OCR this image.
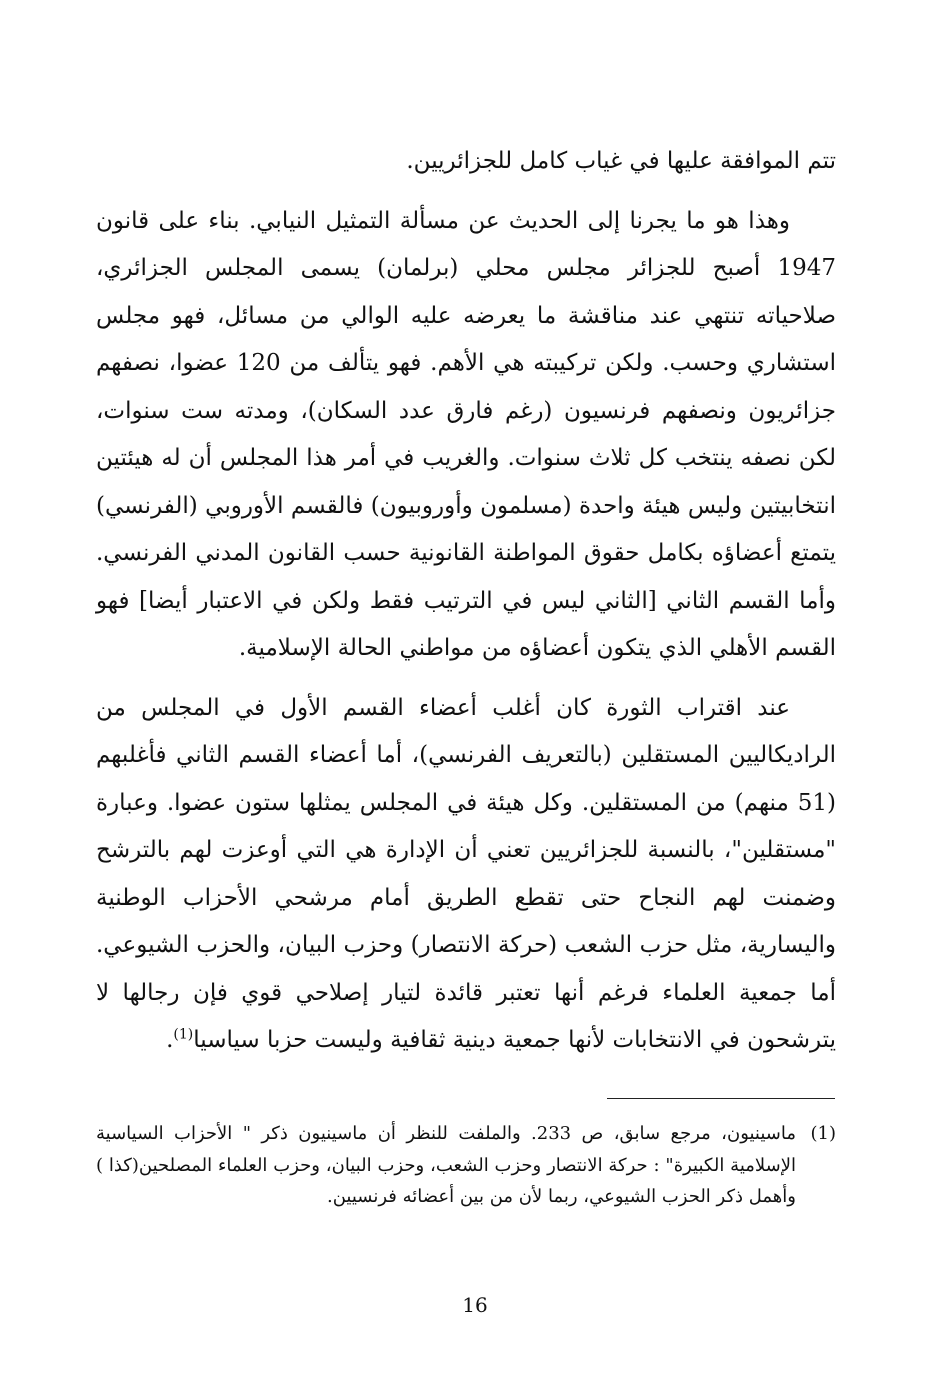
تتم الموافقة عليها في غياب كامل للجزائريين.

وهذا هو ما يجرنا إلى الحديث عن مسألة التمثيل النيابي. بناء على قانون 1947 أصبح للجزائر مجلس محلي (برلمان) يسمى المجلس الجزائري، صلاحياته تنتهي عند مناقشة ما يعرضه عليه الوالي من مسائل، فهو مجلس استشاري وحسب. ولكن تركيبته هي الأهم. فهو يتألف من 120 عضوا، نصفهم جزائريون ونصفهم فرنسيون (رغم فارق عدد السكان)، ومدته ست سنوات، لكن نصفه ينتخب كل ثلاث سنوات. والغريب في أمر هذا المجلس أن له هيئتين انتخابيتين وليس هيئة واحدة (مسلمون وأوروبيون) فالقسم الأوروبي (الفرنسي) يتمتع أعضاؤه بكامل حقوق المواطنة القانونية حسب القانون المدني الفرنسي. وأما القسم الثاني [الثاني ليس في الترتيب فقط ولكن في الاعتبار أيضا] فهو القسم الأهلي الذي يتكون أعضاؤه من مواطني الحالة الإسلامية.

عند اقتراب الثورة كان أغلب أعضاء القسم الأول في المجلس من الراديكاليين المستقلين (بالتعريف الفرنسي)، أما أعضاء القسم الثاني فأغلبهم (51 منهم) من المستقلين. وكل هيئة في المجلس يمثلها ستون عضوا. وعبارة "مستقلين"، بالنسبة للجزائريين تعني أن الإدارة هي التي أوعزت لهم بالترشح وضمنت لهم النجاح حتى تقطع الطريق أمام مرشحي الأحزاب الوطنية واليسارية، مثل حزب الشعب (حركة الانتصار) وحزب البيان، والحزب الشيوعي. أما جمعية العلماء فرغم أنها تعتبر قائدة لتيار إصلاحي قوي فإن رجالها لا يترشحون في الانتخابات لأنها جمعية دينية ثقافية وليست حزبا سياسيا$^{(1)}$.

(1)
ماسينيون، مرجع سابق، ص 233. والملفت للنظر أن ماسينيون ذكر " الأحزاب السياسية الإسلامية الكبيرة" : حركة الانتصار وحزب الشعب، وحزب البيان، وحزب العلماء المصلحين(كذا ) وأهمل ذكر الحزب الشيوعي، ربما لأن من بين أعضائه فرنسيين.
16
